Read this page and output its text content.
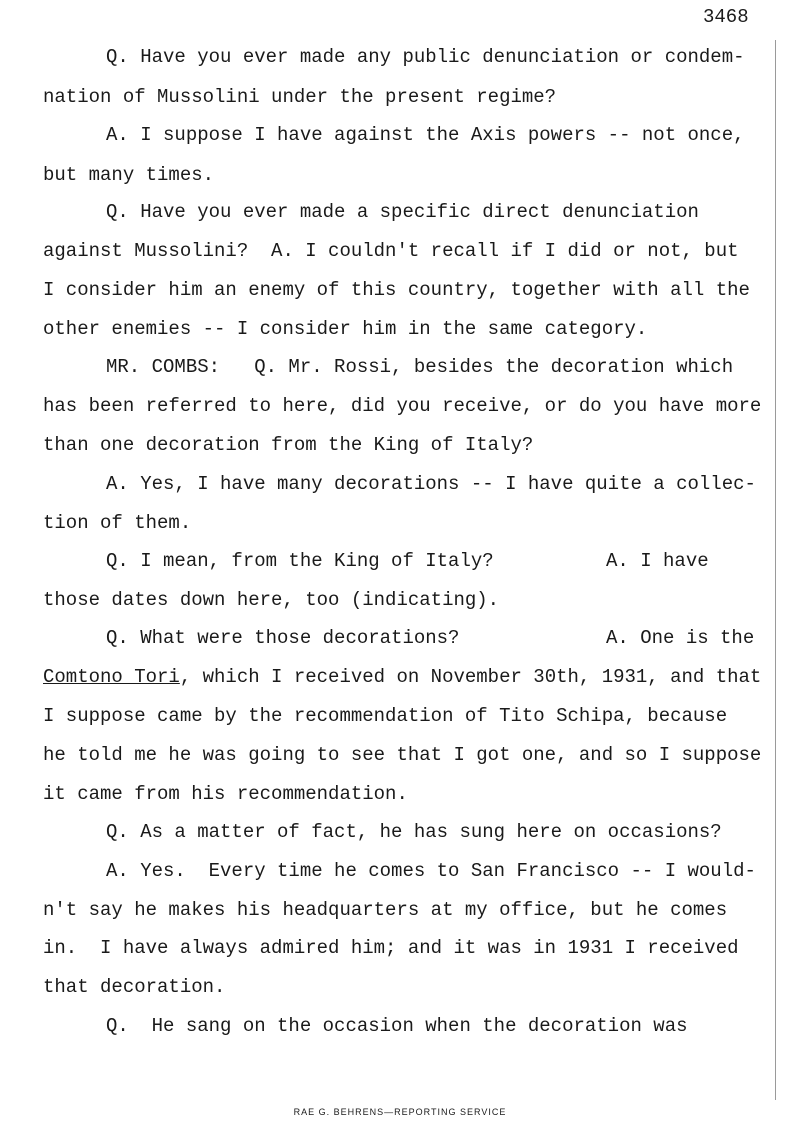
3468
Q. Have you ever made any public denunciation or condem-
nation of Mussolini under the present regime?
A. I suppose I have against the Axis powers -- not once,
but many times.
Q. Have you ever made a specific direct denunciation
against Mussolini?  A. I couldn't recall if I did or not, but
I consider him an enemy of this country, together with all the
other enemies -- I consider him in the same category.
MR. COMBS:   Q. Mr. Rossi, besides the decoration which
has been referred to here, did you receive, or do you have more
than one decoration from the King of Italy?
A. Yes, I have many decorations -- I have quite a collec-
tion of them.
Q. I mean, from the King of Italy?	A. I have
those dates down here, too (indicating).
Q. What were those decorations?	A. One is the
Comtono Tori, which I received on November 30th, 1931, and that
I suppose came by the recommendation of Tito Schipa, because
he told me he was going to see that I got one, and so I suppose
it came from his recommendation.
Q. As a matter of fact, he has sung here on occasions?
A. Yes.  Every time he comes to San Francisco -- I would-
n't say he makes his headquarters at my office, but he comes
in.  I have always admired him; and it was in 1931 I received
that decoration.
Q.  He sang on the occasion when the decoration was
RAE G. BEHRENS—REPORTING SERVICE
